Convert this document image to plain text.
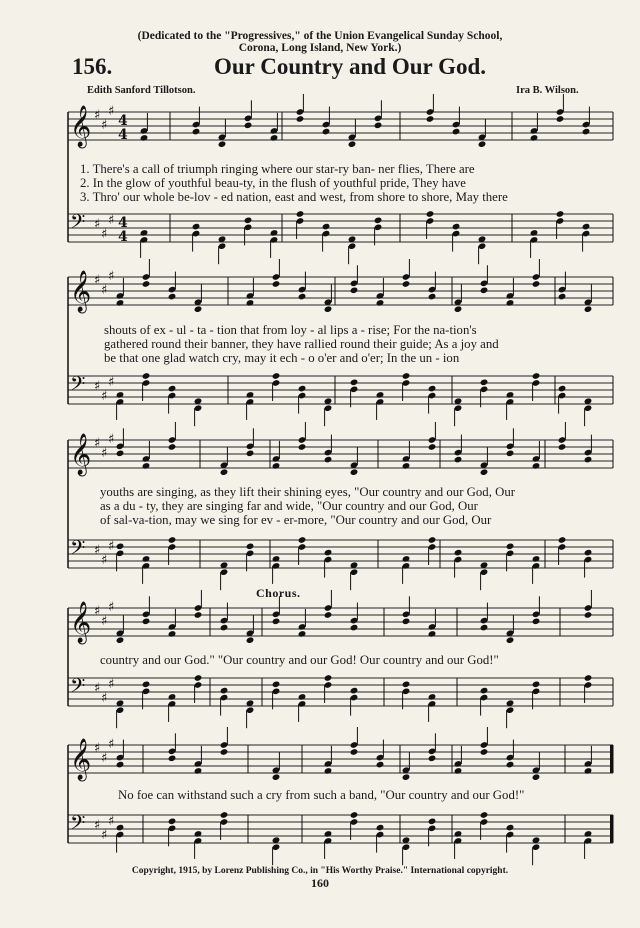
(Dedicated to the "Progressives," of the Union Evangelical Sunday School,
Corona, Long Island, New York.)
156.	Our Country and Our God.
Edith Sanford Tillotson.	Ira B. Wilson.
𝄞 ♯
♯
♯
4
4
𝄢 ♯
♯
♯ 4
4
𝄞 ♯
♯
♯
𝄢 ♯
♯
♯
𝄞 ♯
♯
♯
𝄢 ♯
♯
♯
𝄞 ♯
♯
♯
𝄢 ♯
♯
♯
𝄞 ♯
♯
♯
𝄢 ♯
♯
♯
1. There's a call of triumph ringing where our star-ry ban- ner flies, There are
2. In the glow of youthful beau-ty, in the flush of youthful pride, They have
3. Thro' our whole be-lov - ed nation, east and west, from shore to shore, May there
shouts of ex - ul - ta - tion that from loy - al lips a - rise; For the na-tion's
gathered round their banner, they have rallied round their guide; As a joy and
be that one glad watch cry, may it ech - o o'er and o'er; In the un - ion
youths are singing, as they lift their shining eyes, "Our country and our God, Our
as a du - ty, they are singing far and wide, "Our country and our God, Our
of sal-va-tion, may we sing for ev - er-more, "Our country and our God, Our
Chorus.
country and our God." "Our country and our God! Our country and our God!"
No foe can withstand such a cry from such a band, "Our country and our God!"
Copyright, 1915, by Lorenz Publishing Co., in "His Worthy Praise." International copyright.
160
